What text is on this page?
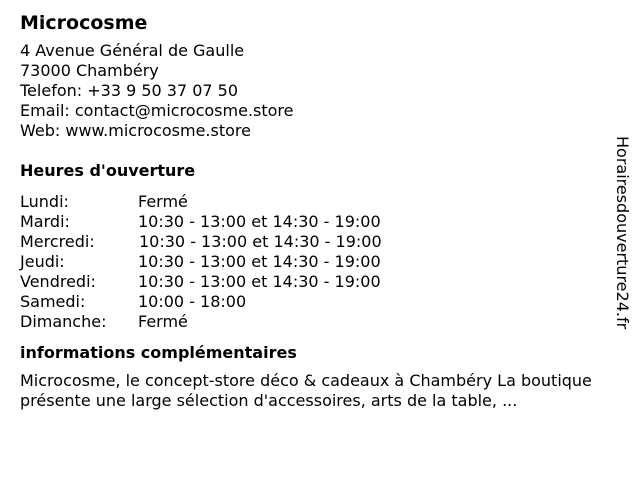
Microcosme
4 Avenue Général de Gaulle
73000 Chambéry
Telefon: +33 9 50 37 07 50
Email: contact@microcosme.store
Web: www.microcosme.store
Heures d'ouverture
Lundi:	Fermé
Mardi:	10:30 - 13:00 et 14:30 - 19:00
Mercredi:	10:30 - 13:00 et 14:30 - 19:00
Jeudi:	10:30 - 13:00 et 14:30 - 19:00
Vendredi:	10:30 - 13:00 et 14:30 - 19:00
Samedi:	10:00 - 18:00
Dimanche: Fermé
informations complémentaires
Microcosme, le concept-store déco & cadeaux à Chambéry La boutique présente une large sélection d'accessoires, arts de la table, ...
Horairesdouverture24.fr
